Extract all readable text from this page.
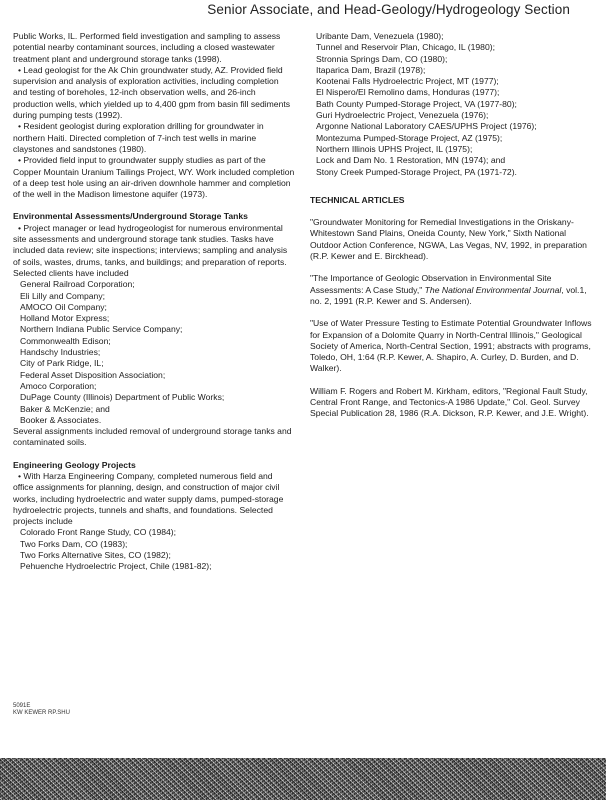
Senior Associate, and Head-Geology/Hydrogeology Section

Public Works, IL. Performed field investigation and sampling to assess potential nearby contaminant sources, including a closed wastewater treatment plant and underground storage tanks (1998).

• Lead geologist for the Ak Chin groundwater study, AZ. Provided field supervision and analysis of exploration activities, including completion and testing of boreholes, 12-inch observation wells, and 26-inch production wells, which yielded up to 4,400 gpm from basin fill sediments during pumping tests (1992).

• Resident geologist during exploration drilling for groundwater in northern Haiti. Directed completion of 7-inch test wells in marine claystones and sandstones (1980).

• Provided field input to groundwater supply studies as part of the Copper Mountain Uranium Tailings Project, WY. Work included completion of a deep test hole using an air-driven downhole hammer and completion of the well in the Madison limestone aquifer (1973).

Environmental Assessments/Underground Storage Tanks

• Project manager or lead hydrogeologist for numerous environmental site assessments and underground storage tank studies. Tasks have included data review; site inspections; interviews; sampling and analysis of soils, wastes, drums, tanks, and buildings; and preparation of reports. Selected clients have included

General Railroad Corporation;
Eli Lilly and Company;
AMOCO Oil Company;
Holland Motor Express;
Northern Indiana Public Service Company;
Commonwealth Edison;
Handschy Industries;
City of Park Ridge, IL;
Federal Asset Disposition Association;
Amoco Corporation;
DuPage County (Illinois) Department of Public Works;
Baker & McKenzie; and
Booker & Associates.

Several assignments included removal of underground storage tanks and contaminated soils.

Engineering Geology Projects

• With Harza Engineering Company, completed numerous field and office assignments for planning, design, and construction of major civil works, including hydroelectric and water supply dams, pumped-storage hydroelectric projects, tunnels and shafts, and foundations. Selected projects include

Colorado Front Range Study, CO (1984);
Two Forks Dam, CO (1983);
Two Forks Alternative Sites, CO (1982);
Pehuenche Hydroelectric Project, Chile (1981-82);
Uribante Dam, Venezuela (1980);
Tunnel and Reservoir Plan, Chicago, IL (1980);
Stronnia Springs Dam, CO (1980);
Itaparica Dam, Brazil (1978);
Kootenai Falls Hydroelectric Project, MT (1977);
El Nispero/El Remolino dams, Honduras (1977);
Bath County Pumped-Storage Project, VA (1977-80);
Guri Hydroelectric Project, Venezuela (1976);
Argonne National Laboratory CAES/UPHS Project (1976);
Montezuma Pumped-Storage Project, AZ (1975);
Northern Illinois UPHS Project, IL (1975);
Lock and Dam No. 1 Restoration, MN (1974); and
Stony Creek Pumped-Storage Project, PA (1971-72).

TECHNICAL ARTICLES

"Groundwater Monitoring for Remedial Investigations in the Oriskany-Whitestown Sand Plains, Oneida County, New York," Sixth National Outdoor Action Conference, NGWA, Las Vegas, NV, 1992, in preparation (R.P. Kewer and E. Birckhead).

"The Importance of Geologic Observation in Environmental Site Assessments: A Case Study," The National Environmental Journal, vol.1, no. 2, 1991 (R.P. Kewer and S. Andersen).

"Use of Water Pressure Testing to Estimate Potential Groundwater Inflows for Expansion of a Dolomite Quarry in North-Central Illinois," Geological Society of America, North-Central Section, 1991; abstracts with programs, Toledo, OH, 1:64 (R.P. Kewer, A. Shapiro, A. Curley, D. Burden, and D. Walker).

William F. Rogers and Robert M. Kirkham, editors, "Regional Fault Study, Central Front Range, and Tectonics-A 1986 Update," Col. Geol. Survey Special Publication 28, 1986 (R.A. Dickson, R.P. Kewer, and J.E. Wright).

5091E
KW KEWER RP.SHU
